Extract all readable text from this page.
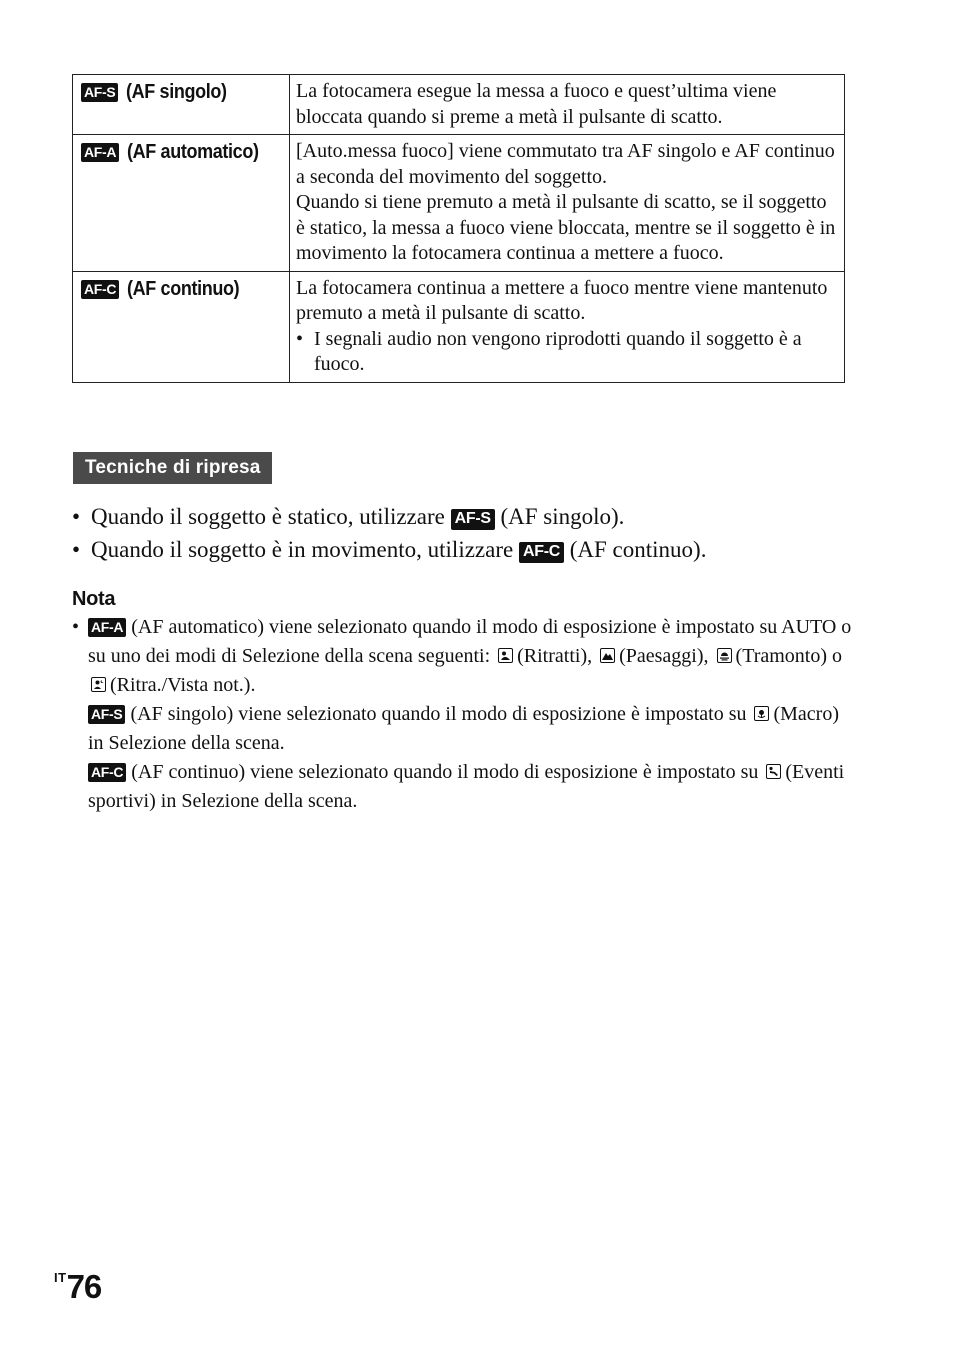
AF-S (AF singolo)	La fotocamera esegue la messa a fuoco e quest’ultima viene bloccata quando si preme a metà il pulsante di scatto.
AF-A (AF automatico)	[Auto.messa fuoco] viene commutato tra AF singolo e AF continuo a seconda del movimento del soggetto.
Quando si tiene premuto a metà il pulsante di scatto, se il soggetto è statico, la messa a fuoco viene bloccata, mentre se il soggetto è in movimento la fotocamera continua a mettere a fuoco.

AF-C (AF continuo)	La fotocamera continua a mettere a fuoco mentre viene mantenuto premuto a metà il pulsante di scatto.
• I segnali audio non vengono riprodotti quando il soggetto è a fuoco.
Tecniche di ripresa
• Quando il soggetto è statico, utilizzare AF-S (AF singolo).
• Quando il soggetto è in movimento, utilizzare AF-C (AF continuo).
Nota
• AF-A (AF automatico) viene selezionato quando il modo di esposizione è impostato su AUTO o su uno dei modi di Selezione della scena seguenti: (Ritratti), (Paesaggi), (Tramonto) o
(Ritra./Vista not.).
AF-S (AF singolo) viene selezionato quando il modo di esposizione è impostato su (Macro) in Selezione della scena.
AF-C (AF continuo) viene selezionato quando il modo di esposizione è impostato su (Eventi sportivi) in Selezione della scena.
$^{IT}$76
